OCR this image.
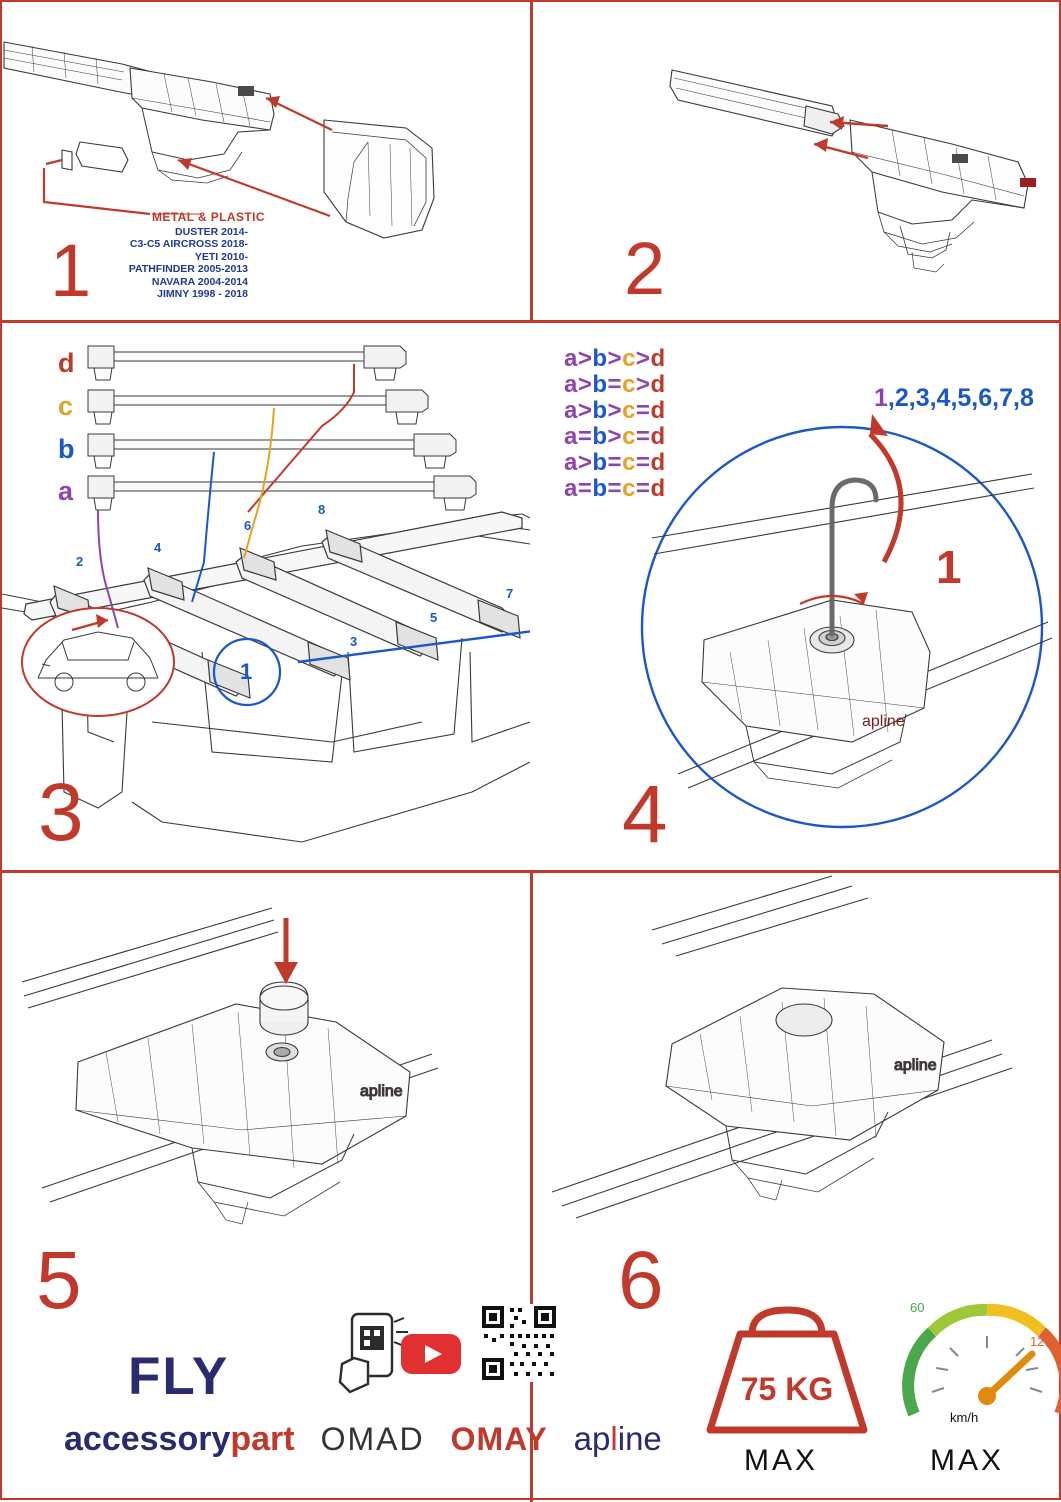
METAL & PLASTIC
DUSTER 2014-
C3-C5 AIRCROSS 2018-
YETI 2010-
PATHFINDER 2005-2013
NAVARA 2004-2014
JIMNY 1998 - 2018
1	2
d
c
b
a
2
4
6
8
7
5
3
1
3
a>b>c>d
a>b=c>d
a>b>c=d
a=b>c=d
a>b=c=d
a=b=c=d
apline
1
1,2,3,4,5,6,7,8
4
apline
5
FLY
accessorypart OMAD OMAY apline
apline
6
75 KG
MAX
60
120
km/h
MAX
